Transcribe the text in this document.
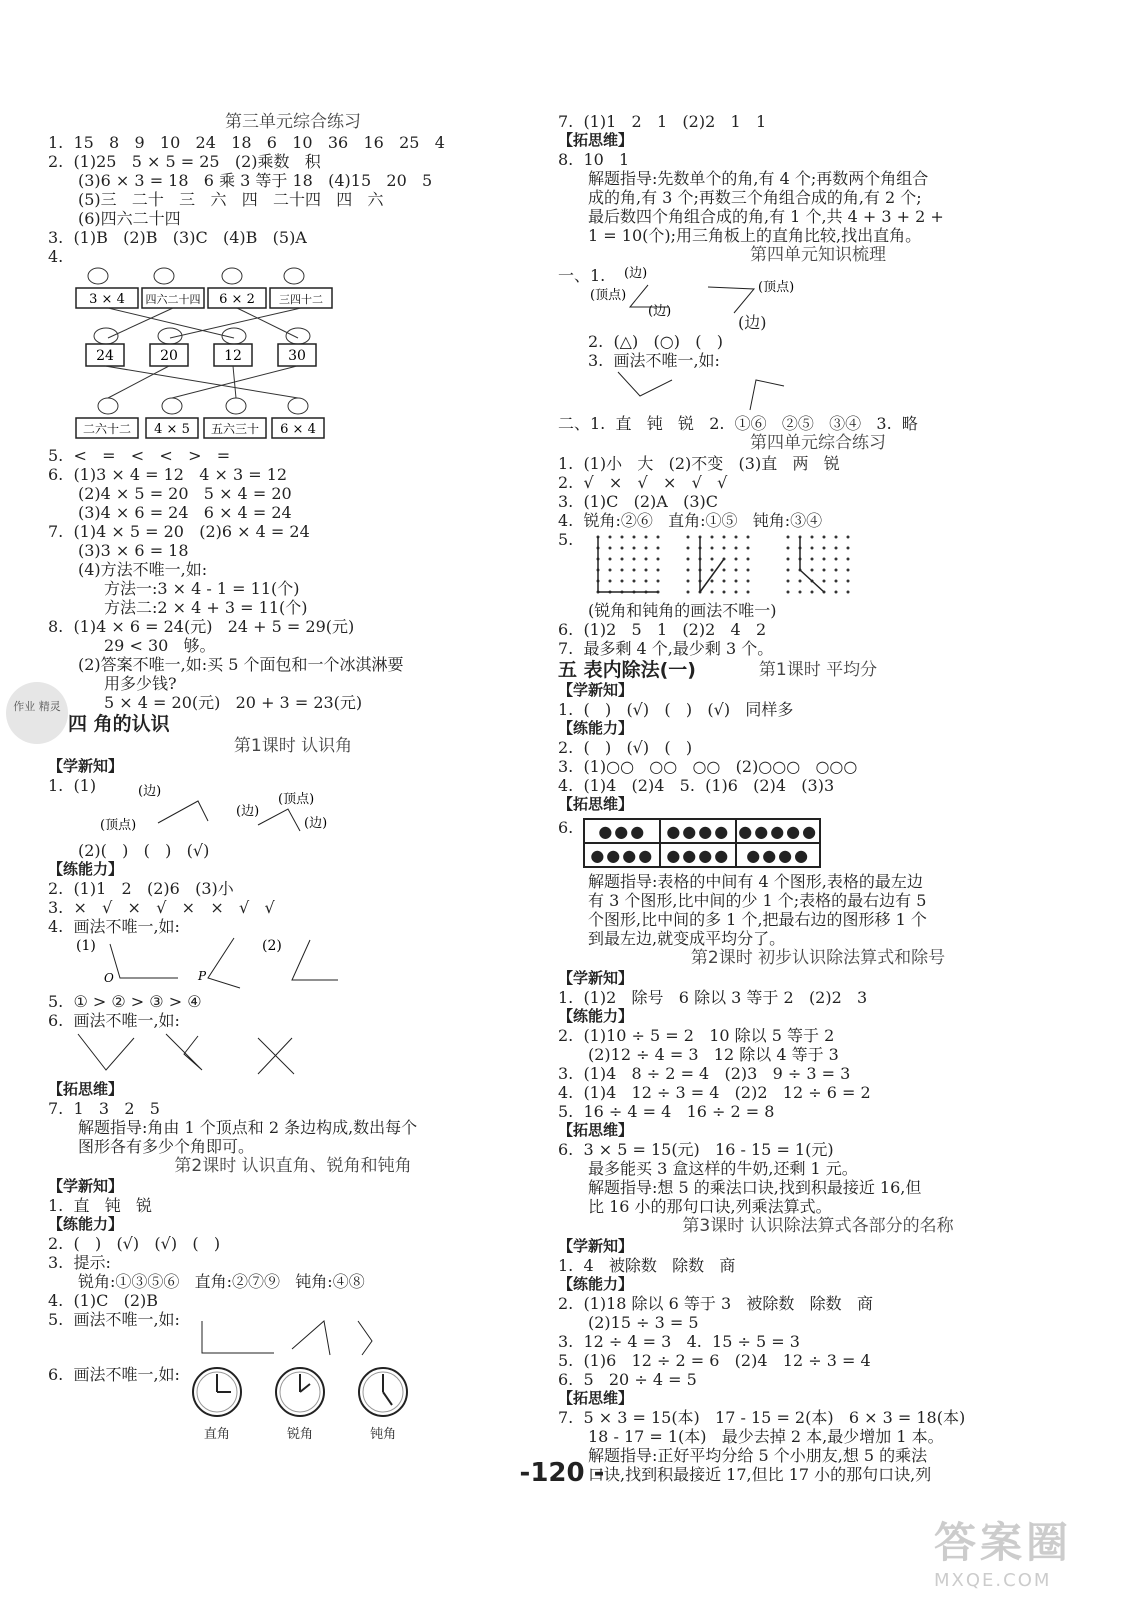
第三单元综合练习

1.  15   8   9   10   24   18   6   10   36   16   25   4

2.  (1)25   5 × 5 = 25   (2)乘数   积

(3)6 × 3 = 18   6 乘 3 等于 18   (4)15   20   5

(5)三   二十   三   六   四   二十四   四   六

(6)四六二十四

3.  (1)B   (2)B   (3)C   (4)B   (5)A

4.

3 × 4 四六二十四 6 × 2 三四十二
24	20	12	30
二六十二 4 × 5 五六三十 6 × 4

5.  <   =   <   <   >   =

6.  (1)3 × 4 = 12   4 × 3 = 12

(2)4 × 5 = 20   5 × 4 = 20

(3)4 × 6 = 24   6 × 4 = 24

7.  (1)4 × 5 = 20   (2)6 × 4 = 24

(3)3 × 6 = 18

(4)方法不唯一,如:

方法一:3 × 4 - 1 = 11(个)

方法二:2 × 4 + 3 = 11(个)

8.  (1)4 × 6 = 24(元)   24 + 5 = 29(元)

29 < 30   够。

(2)答案不唯一,如:买 5 个面包和一个冰淇淋要

用多少钱?

5 × 4 = 20(元)   20 + 3 = 23(元)

四 角的认识

第1课时 认识角

【学新知】

1.  (1)	(边)
(顶点)
(边)
(顶点)
(边)

(2)(   )   (   )   (√)

【练能力】

2.  (1)1   2   (2)6   (3)小

3.  ×   √   ×   √   ×   ×   √   √

4.  画法不唯一,如:

(1)
O	P
(2)

5.  ① > ② > ③ > ④

6.  画法不唯一,如:

【拓思维】

7.  1   3   2   5

解题指导:角由 1 个顶点和 2 条边构成,数出每个

图形各有多少个角即可。

第2课时 认识直角、锐角和钝角

【学新知】

1.  直   钝   锐

【练能力】

2.  (   )   (√)   (√)   (   )

3.  提示:

锐角:①③⑤⑥   直角:②⑦⑨   钝角:④⑧

4.  (1)C   (2)B

5.  画法不唯一,如:

6.  画法不唯一,如:

直角
	锐角
	钝角
作业 精灵

7.  (1)1   2   1   (2)2   1   1

【拓思维】

8.  10   1

解题指导:先数单个的角,有 4 个;再数两个角组合

成的角,有 3 个;再数三个角组合成的角,有 2 个;

最后数四个角组合成的角,有 1 个,共 4 + 3 + 2 +

1 = 10(个);用三角板上的直角比较,找出直角。

第四单元知识梳理

一、1.	(边)
(顶点)
(边)
(顶点)

(边)

2.  (△)   (○)   (   )

3.  画法不唯一,如:

二、1.  直   钝   锐   2.  ①⑥   ②⑤   ③④   3.  略

第四单元综合练习

1.  (1)小   大   (2)不变   (3)直   两   锐

2.  √   ×   √   ×   √   √

3.  (1)C   (2)A   (3)C

4.  锐角:②⑥   直角:①⑤   钝角:③④

5.

(锐角和钝角的画法不唯一)

6.  (1)2   5   1   (2)2   4   2

7.  最多剩 4 个,最少剩 3 个。

五 表内除法(一)	第1课时 平均分

【学新知】

1.  (   )   (√)   (   )   (√)   同样多

【练能力】

2.  (   )   (√)   (   )

3.  (1)○○   ○○   ○○   (2)○○○   ○○○

4.  (1)4   (2)4   5.  (1)6   (2)4   (3)3

【拓思维】

6. ●●●	●●●●	●●●●●
●●●●	●●●●	●●●●

解题指导:表格的中间有 4 个图形,表格的最左边

有 3 个图形,比中间的少 1 个;表格的最右边有 5

个图形,比中间的多 1 个,把最右边的图形移 1 个

到最左边,就变成平均分了。

第2课时 初步认识除法算式和除号

【学新知】

1.  (1)2   除号   6 除以 3 等于 2   (2)2   3

【练能力】

2.  (1)10 ÷ 5 = 2   10 除以 5 等于 2

(2)12 ÷ 4 = 3   12 除以 4 等于 3

3.  (1)4   8 ÷ 2 = 4   (2)3   9 ÷ 3 = 3

4.  (1)4   12 ÷ 3 = 4   (2)2   12 ÷ 6 = 2

5.  16 ÷ 4 = 4   16 ÷ 2 = 8

【拓思维】

6.  3 × 5 = 15(元)   16 - 15 = 1(元)

最多能买 3 盒这样的牛奶,还剩 1 元。

解题指导:想 5 的乘法口诀,找到积最接近 16,但

比 16 小的那句口诀,列乘法算式。

第3课时 认识除法算式各部分的名称

【学新知】

1.  4   被除数   除数   商

【练能力】

2.  (1)18 除以 6 等于 3   被除数   除数   商

(2)15 ÷ 3 = 5

3.  12 ÷ 4 = 3   4.  15 ÷ 5 = 3

5.  (1)6   12 ÷ 2 = 6   (2)4   12 ÷ 3 = 4

6.  5   20 ÷ 4 = 5

【拓思维】

7.  5 × 3 = 15(本)   17 - 15 = 2(本)   6 × 3 = 18(本)

18 - 17 = 1(本)   最少去掉 2 本,最少增加 1 本。

解题指导:正好平均分给 5 个小朋友,想 5 的乘法

口诀,找到积最接近 17,但比 17 小的那句口诀,列

-120 -
答案圈
MXQE.COM
